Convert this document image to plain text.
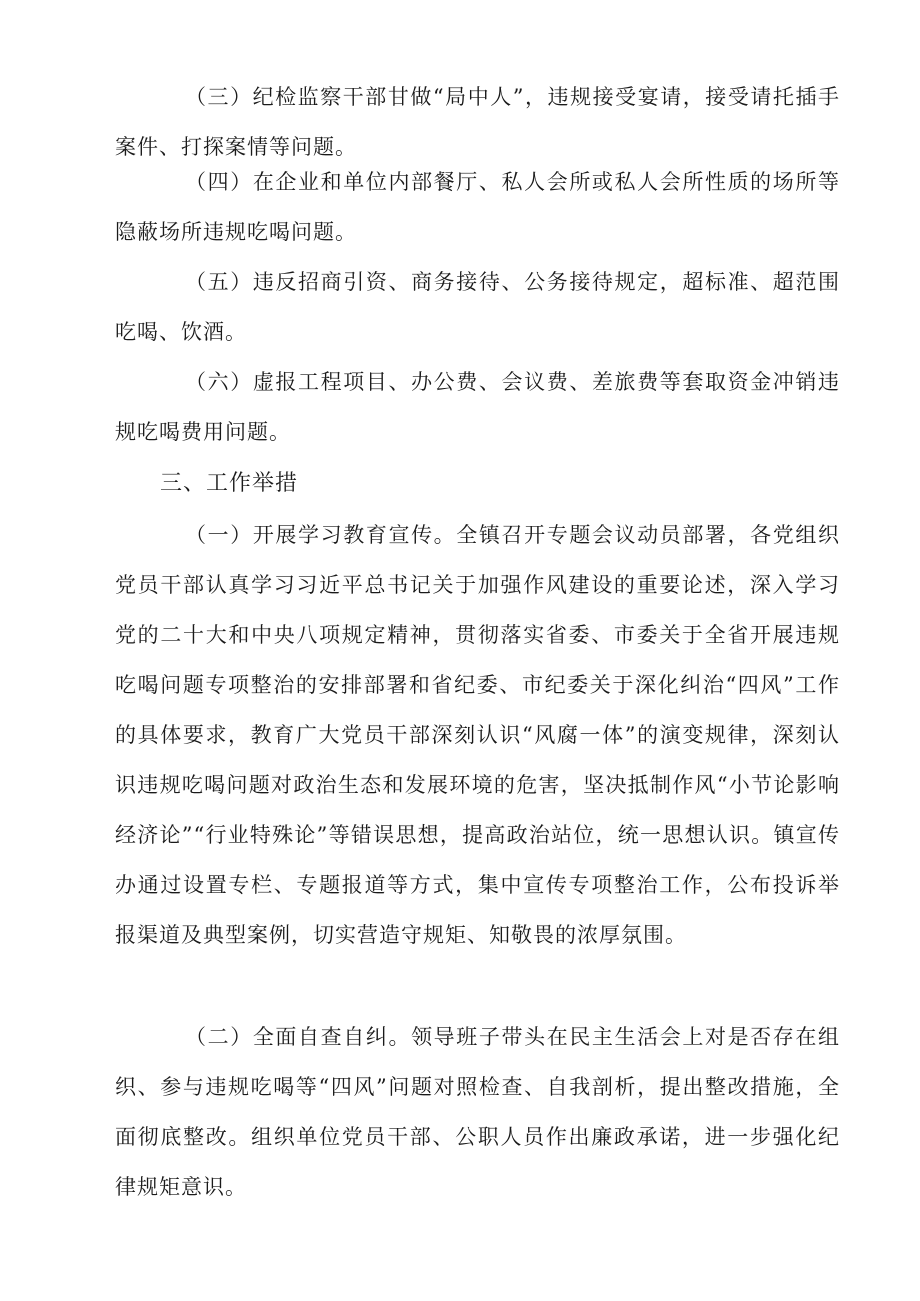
（三）纪检监察干部甘做“局中人”，违规接受宴请，接受请托插手案件、打探案情等问题。

（四）在企业和单位内部餐厅、私人会所或私人会所性质的场所等隐蔽场所违规吃喝问题。

（五）违反招商引资、商务接待、公务接待规定，超标准、超范围吃喝、饮酒。

（六）虚报工程项目、办公费、会议费、差旅费等套取资金冲销违规吃喝费用问题。

三、工作举措

（一）开展学习教育宣传。全镇召开专题会议动员部署，各党组织党员干部认真学习习近平总书记关于加强作风建设的重要论述，深入学习党的二十大和中央八项规定精神，贯彻落实省委、市委关于全省开展违规吃喝问题专项整治的安排部署和省纪委、市纪委关于深化纠治“四风”工作的具体要求，教育广大党员干部深刻认识“风腐一体”的演变规律，深刻认识违规吃喝问题对政治生态和发展环境的危害，坚决抵制作风“小节论影响经济论”“行业特殊论”等错误思想，提高政治站位，统一思想认识。镇宣传办通过设置专栏、专题报道等方式，集中宣传专项整治工作，公布投诉举报渠道及典型案例，切实营造守规矩、知敬畏的浓厚氛围。

（二）全面自查自纠。领导班子带头在民主生活会上对是否存在组织、参与违规吃喝等“四风”问题对照检查、自我剖析，提出整改措施，全面彻底整改。组织单位党员干部、公职人员作出廉政承诺，进一步强化纪律规矩意识。
